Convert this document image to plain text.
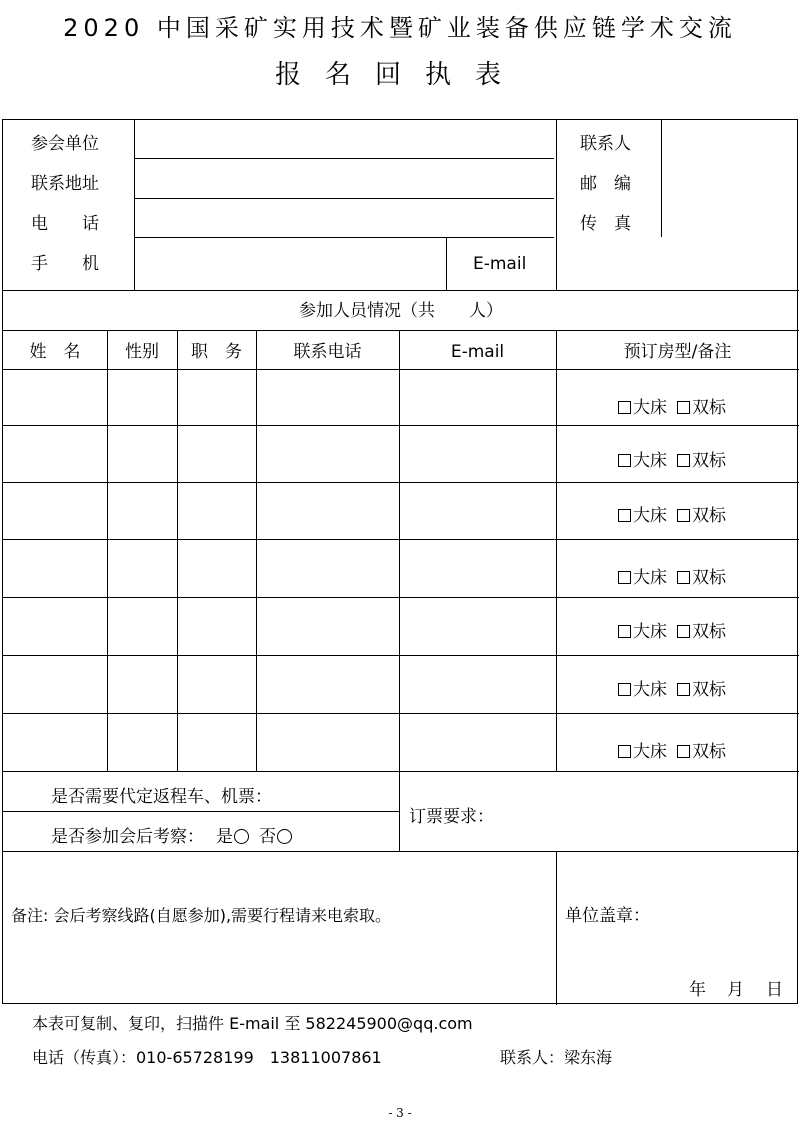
2020 中国采矿实用技术暨矿业装备供应链学术交流
报名回执表
参会单位	联系人
联系地址	邮　编
电　　话	传　真
手　　机	E-mail
参加人员情况（共　　人）
姓　名	性别	职　务	联系电话	E-mail	预订房型/备注
大床 双标
大床 双标
大床 双标
大床 双标
大床 双标
大床 双标
大床 双标
是否需要代定返程车、机票：
是否参加会后考察： 是 否
订票要求：
备注: 会后考察线路(自愿参加),需要行程请来电索取。	单位盖章：
年 月 日
本表可复制、复印，扫描件 E-mail 至 582245900@qq.com
电话（传真）：010-65728199　13811007861	联系人：梁东海
- 3 -
